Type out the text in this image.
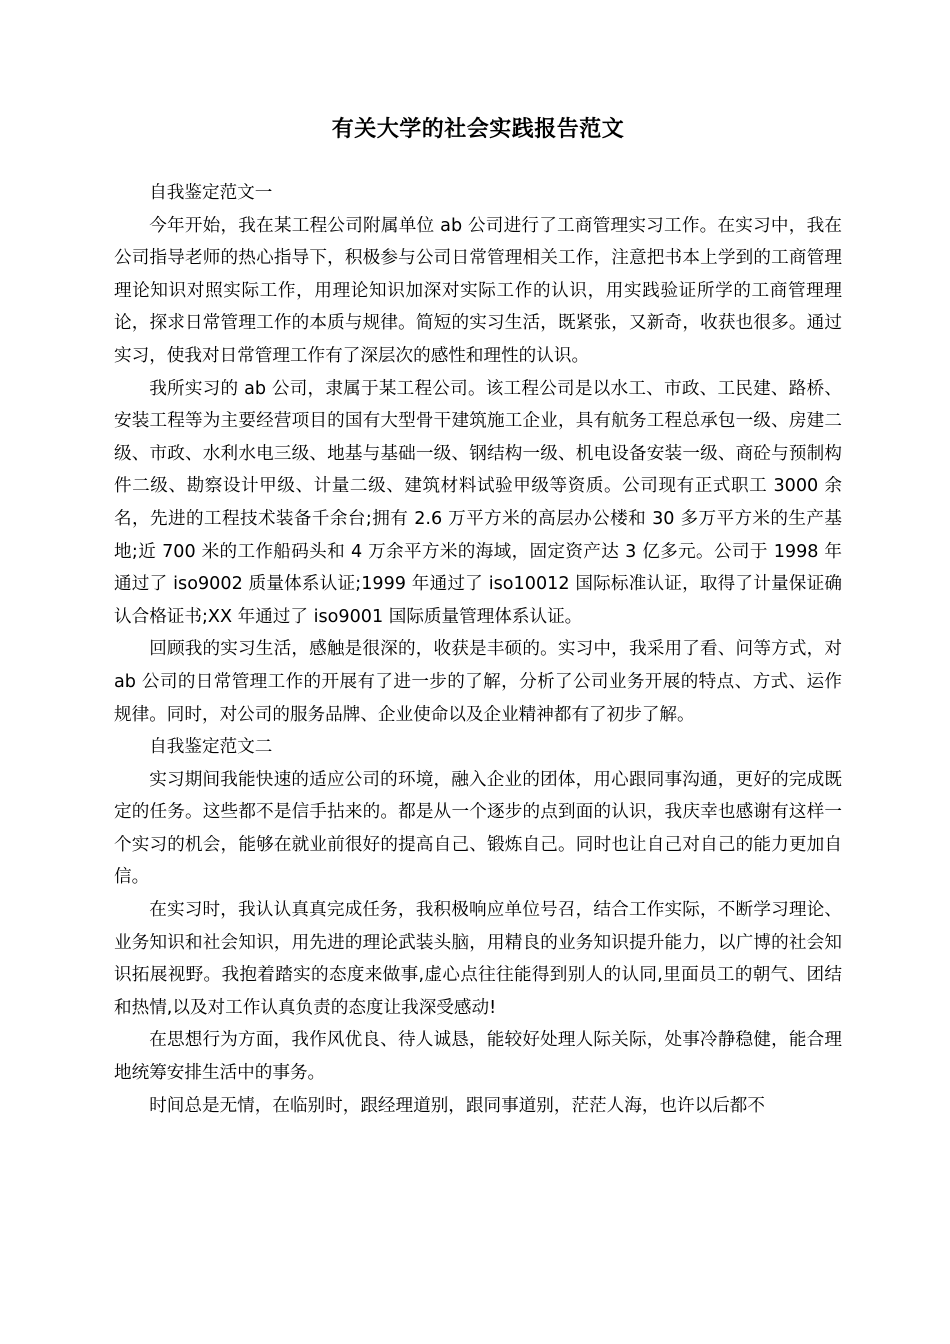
有关大学的社会实践报告范文

自我鉴定范文一

今年开始，我在某工程公司附属单位 ab 公司进行了工商管理实习工作。在实习中，我在公司指导老师的热心指导下，积极参与公司日常管理相关工作，注意把书本上学到的工商管理理论知识对照实际工作，用理论知识加深对实际工作的认识，用实践验证所学的工商管理理论，探求日常管理工作的本质与规律。简短的实习生活，既紧张，又新奇，收获也很多。通过实习，使我对日常管理工作有了深层次的感性和理性的认识。

我所实习的 ab 公司，隶属于某工程公司。该工程公司是以水工、市政、工民建、路桥、安装工程等为主要经营项目的国有大型骨干建筑施工企业，具有航务工程总承包一级、房建二级、市政、水利水电三级、地基与基础一级、钢结构一级、机电设备安装一级、商砼与预制构件二级、勘察设计甲级、计量二级、建筑材料试验甲级等资质。公司现有正式职工 3000 余名，先进的工程技术装备千余台;拥有 2.6 万平方米的高层办公楼和 30 多万平方米的生产基地;近 700 米的工作船码头和 4 万余平方米的海域，固定资产达 3 亿多元。公司于 1998 年通过了 iso9002 质量体系认证;1999 年通过了 iso10012 国际标准认证，取得了计量保证确认合格证书;XX 年通过了 iso9001 国际质量管理体系认证。

回顾我的实习生活，感触是很深的，收获是丰硕的。实习中，我采用了看、问等方式，对 ab 公司的日常管理工作的开展有了进一步的了解，分析了公司业务开展的特点、方式、运作规律。同时，对公司的服务品牌、企业使命以及企业精神都有了初步了解。

自我鉴定范文二

实习期间我能快速的适应公司的环境，融入企业的团体，用心跟同事沟通，更好的完成既定的任务。这些都不是信手拈来的。都是从一个逐步的点到面的认识，我庆幸也感谢有这样一个实习的机会，能够在就业前很好的提高自己、锻炼自己。同时也让自己对自己的能力更加自信。

在实习时，我认认真真完成任务，我积极响应单位号召，结合工作实际，不断学习理论、业务知识和社会知识，用先进的理论武装头脑，用精良的业务知识提升能力，以广博的社会知识拓展视野。我抱着踏实的态度来做事,虚心点往往能得到别人的认同,里面员工的朝气、团结和热情,以及对工作认真负责的态度让我深受感动!

在思想行为方面，我作风优良、待人诚恳，能较好处理人际关际，处事冷静稳健，能合理地统筹安排生活中的事务。

时间总是无情，在临别时，跟经理道别，跟同事道别，茫茫人海，也许以后都不
